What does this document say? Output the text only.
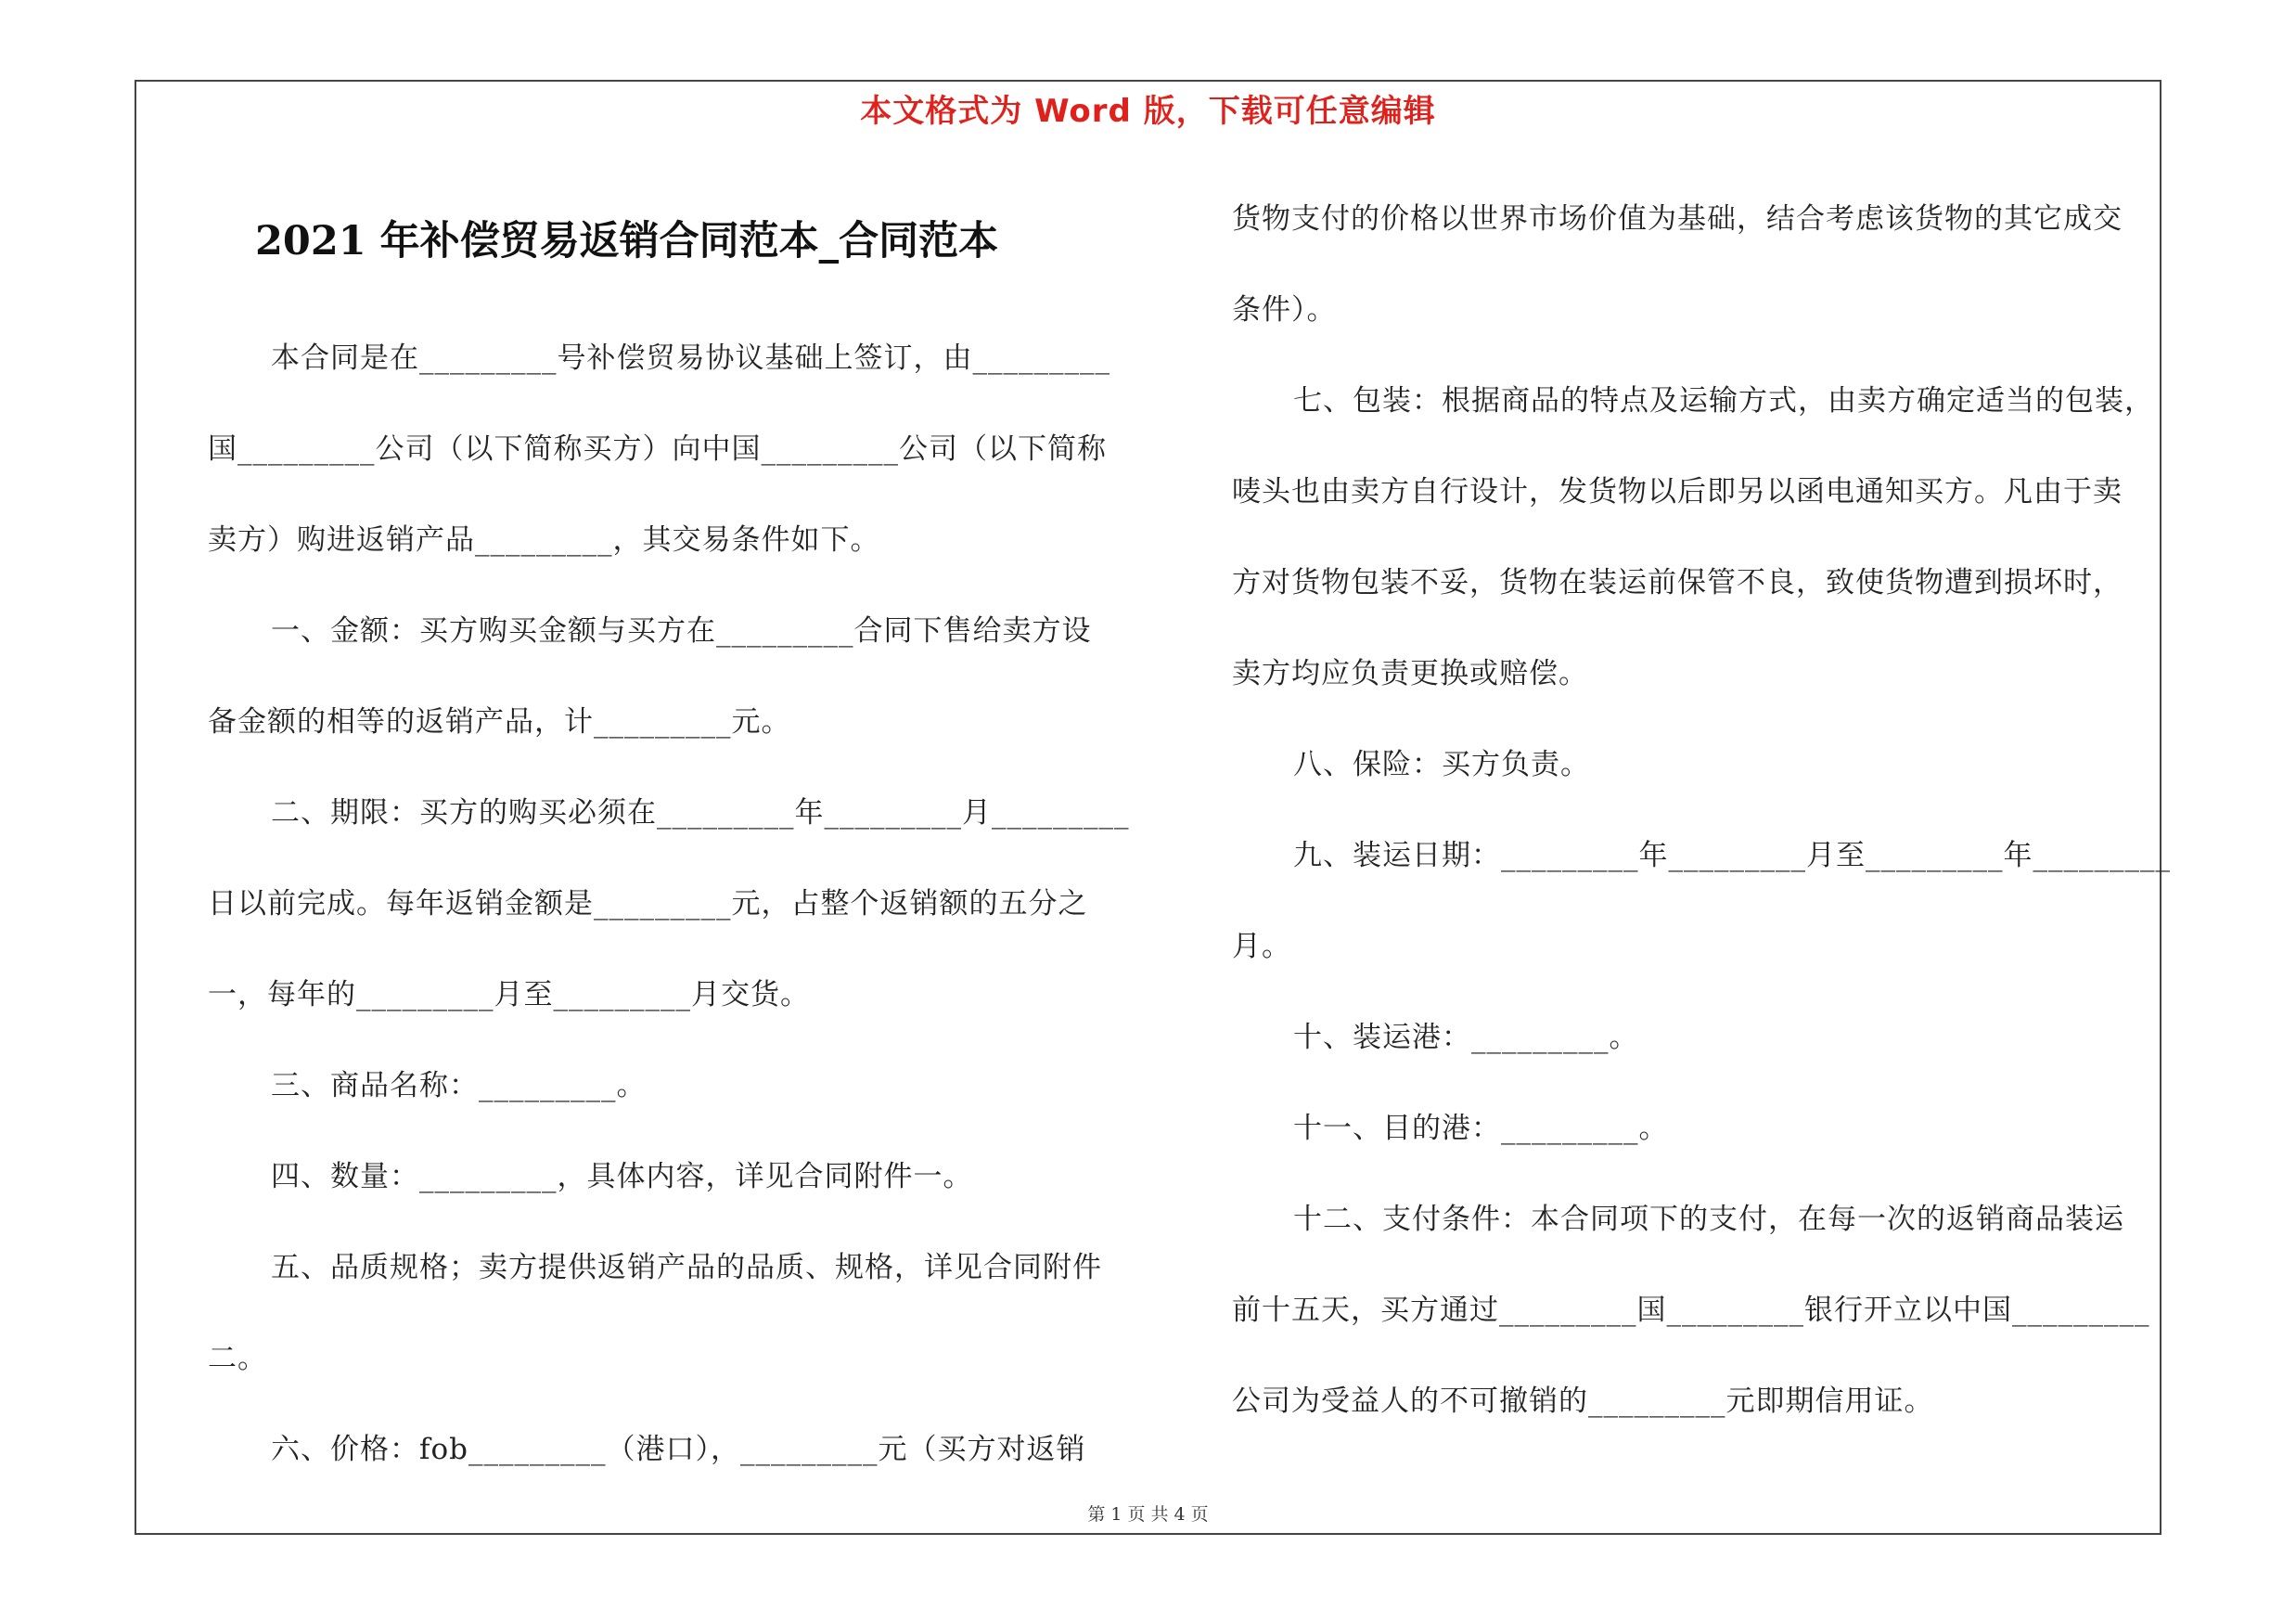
本文格式为 Word 版，下载可任意编辑
2021 年补偿贸易返销合同范本_合同范本
本合同是在_________号补偿贸易协议基础上签订，由_________
国_________公司（以下简称买方）向中国_________公司（以下简称
卖方）购进返销产品_________，其交易条件如下。
一、金额：买方购买金额与买方在_________合同下售给卖方设
备金额的相等的返销产品，计_________元。
二、期限：买方的购买必须在_________年_________月_________
日以前完成。每年返销金额是_________元，占整个返销额的五分之
一，每年的_________月至_________月交货。
三、商品名称：_________。
四、数量：_________，具体内容，详见合同附件一。
五、品质规格；卖方提供返销产品的品质、规格，详见合同附件
二。
六、价格：fob_________（港口），_________元（买方对返销
货物支付的价格以世界市场价值为基础，结合考虑该货物的其它成交
条件）。
七、包装：根据商品的特点及运输方式，由卖方确定适当的包装，
唛头也由卖方自行设计，发货物以后即另以函电通知买方。凡由于卖
方对货物包装不妥，货物在装运前保管不良，致使货物遭到损坏时，
卖方均应负责更换或赔偿。
八、保险：买方负责。
九、装运日期：_________年_________月至_________年_________
月。
十、装运港：_________。
十一、目的港：_________。
十二、支付条件：本合同项下的支付，在每一次的返销商品装运
前十五天，买方通过_________国_________银行开立以中国_________
公司为受益人的不可撤销的_________元即期信用证。
第 1 页 共 4 页
